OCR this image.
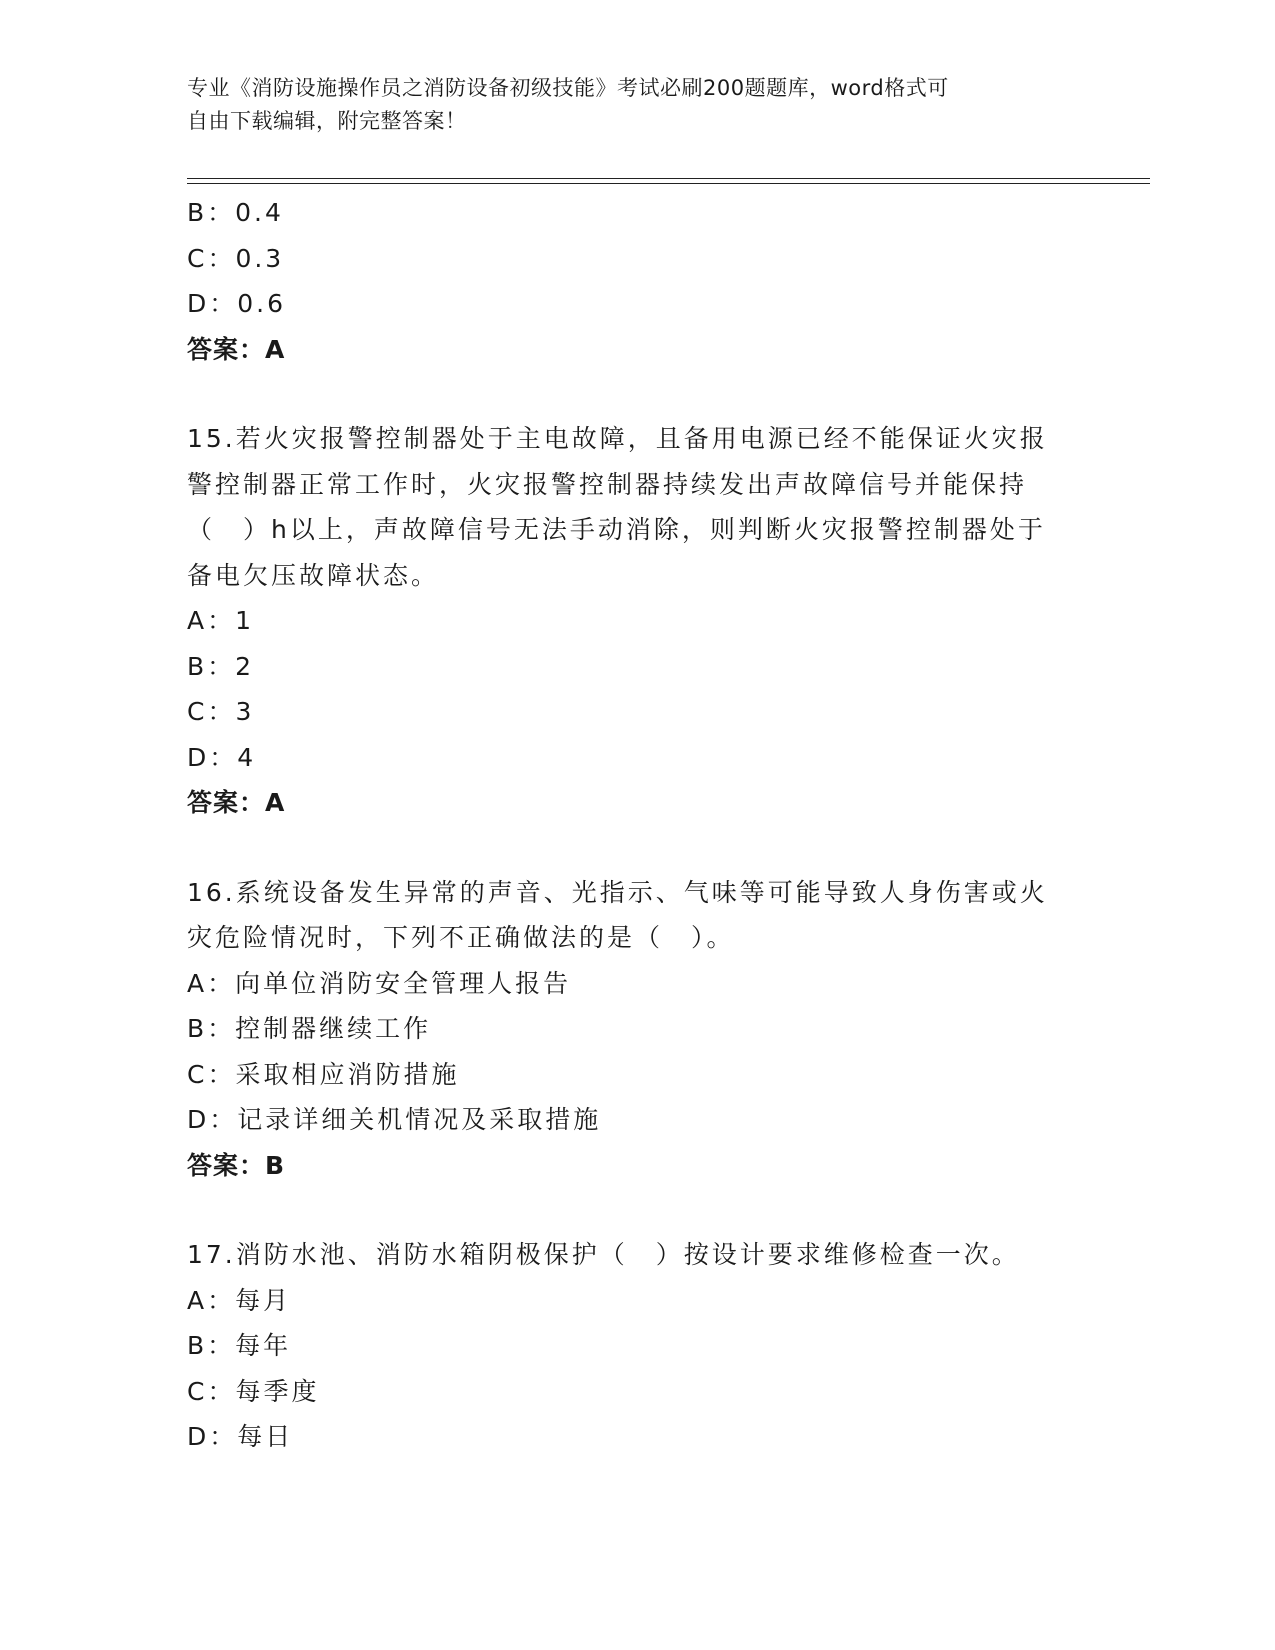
专业《消防设施操作员之消防设备初级技能》考试必刷200题题库，word格式可
自由下载编辑，附完整答案！
B：0.4
C：0.3
D：0.6
答案：A
15.若火灾报警控制器处于主电故障，且备用电源已经不能保证火灾报
警控制器正常工作时，火灾报警控制器持续发出声故障信号并能保持
（　）h以上，声故障信号无法手动消除，则判断火灾报警控制器处于
备电欠压故障状态。
A：1
B：2
C：3
D：4
答案：A
16.系统设备发生异常的声音、光指示、气味等可能导致人身伤害或火
灾危险情况时，下列不正确做法的是（　）。
A：向单位消防安全管理人报告
B：控制器继续工作
C：采取相应消防措施
D：记录详细关机情况及采取措施
答案：B
17.消防水池、消防水箱阴极保护（　）按设计要求维修检查一次。
A：每月
B：每年
C：每季度
D：每日
